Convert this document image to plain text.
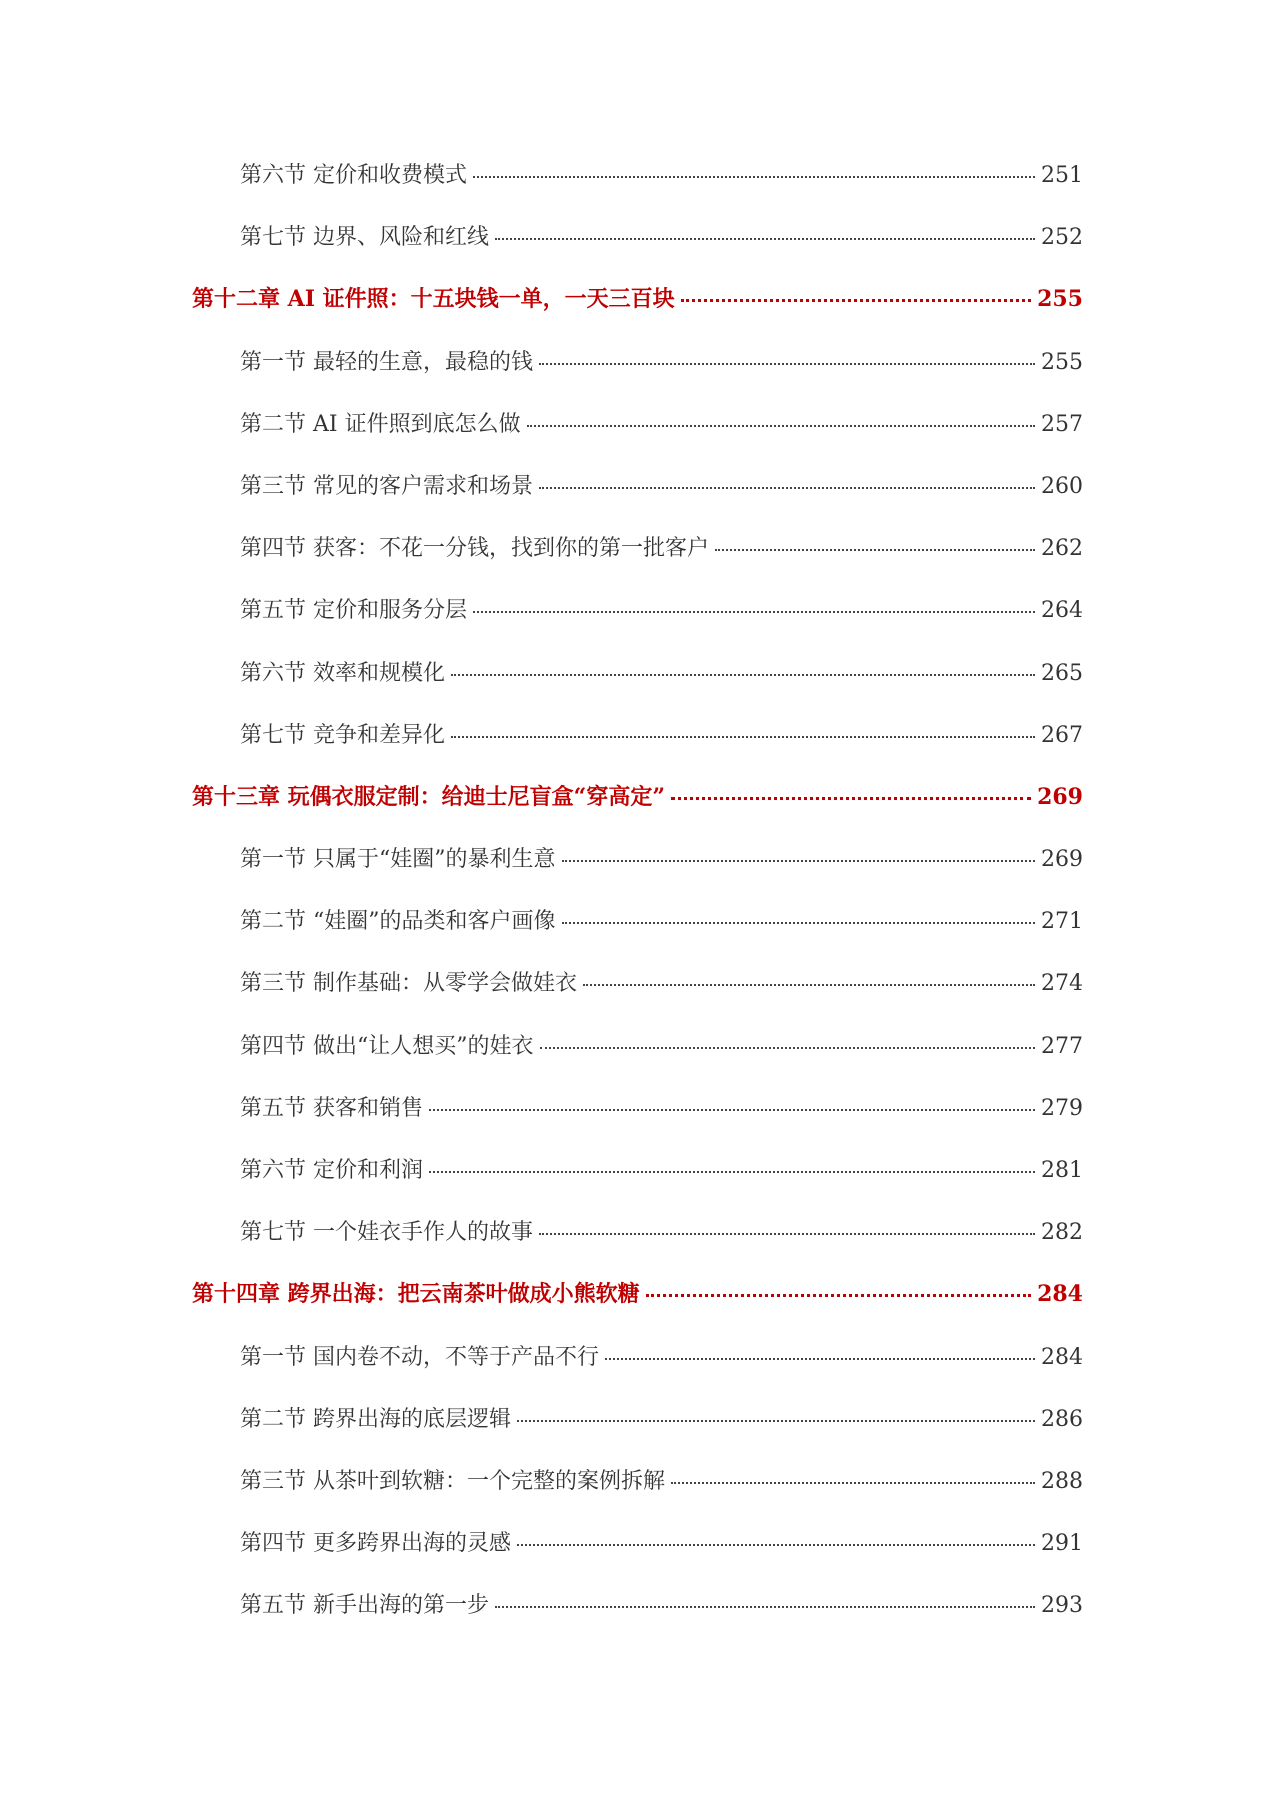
第六节 定价和收费模式	251
第七节 边界、风险和红线	252
第十二章 AI 证件照：十五块钱一单，一天三百块	255
第一节 最轻的生意，最稳的钱	255
第二节 AI 证件照到底怎么做	257
第三节 常见的客户需求和场景	260
第四节 获客：不花一分钱，找到你的第一批客户	262
第五节 定价和服务分层	264
第六节 效率和规模化	265
第七节 竞争和差异化	267
第十三章 玩偶衣服定制：给迪士尼盲盒“穿高定”	269
第一节 只属于“娃圈”的暴利生意	269
第二节 “娃圈”的品类和客户画像	271
第三节 制作基础：从零学会做娃衣	274
第四节 做出“让人想买”的娃衣	277
第五节 获客和销售	279
第六节 定价和利润	281
第七节 一个娃衣手作人的故事	282
第十四章 跨界出海：把云南茶叶做成小熊软糖	284
第一节 国内卷不动，不等于产品不行	284
第二节 跨界出海的底层逻辑	286
第三节 从茶叶到软糖：一个完整的案例拆解	288
第四节 更多跨界出海的灵感	291
第五节 新手出海的第一步	293
